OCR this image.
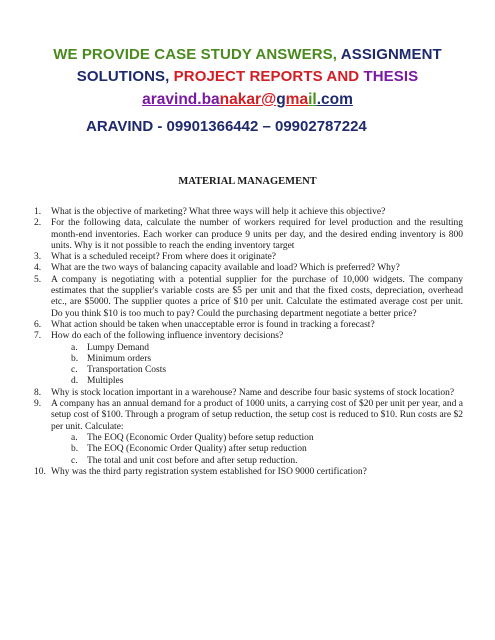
WE PROVIDE CASE STUDY ANSWERS, ASSIGNMENT
SOLUTIONS, PROJECT REPORTS AND THESIS
aravind.banakar@gmail.com
ARAVIND - 09901366442 – 09902787224
MATERIAL MANAGEMENT
1. What is the objective of marketing? What three ways will help it achieve this objective?
2. For the following data, calculate the number of workers required for level production and the resulting month-end inventories. Each worker can produce 9 units per day, and the desired ending inventory is 800 units. Why is it not possible to reach the ending inventory target
3. What is a scheduled receipt? From where does it originate?
4. What are the two ways of balancing capacity available and load? Which is preferred? Why?
5. A company is negotiating with a potential supplier for the purchase of 10,000 widgets. The company estimates that the supplier's variable costs are $5 per unit and that the fixed costs, depreciation, overhead etc., are $5000. The supplier quotes a price of $10 per unit. Calculate the estimated average cost per unit. Do you think $10 is too much to pay? Could the purchasing department negotiate a better price?
6. What action should be taken when unacceptable error is found in tracking a forecast?
7. How do each of the following influence inventory decisions?
a. Lumpy Demand
b. Minimum orders
c. Transportation Costs
d. Multiples
8. Why is stock location important in a warehouse? Name and describe four basic systems of stock location?
9. A company has an annual demand for a product of 1000 units, a carrying cost of $20 per unit per year, and a setup cost of $100. Through a program of setup reduction, the setup cost is reduced to $10. Run costs are $2 per unit. Calculate:
a. The EOQ (Economic Order Quality) before setup reduction
b. The EOQ (Economic Order Quality) after setup reduction
c. The total and unit cost before and after setup reduction.
10. Why was the third party registration system established for ISO 9000 certification?
